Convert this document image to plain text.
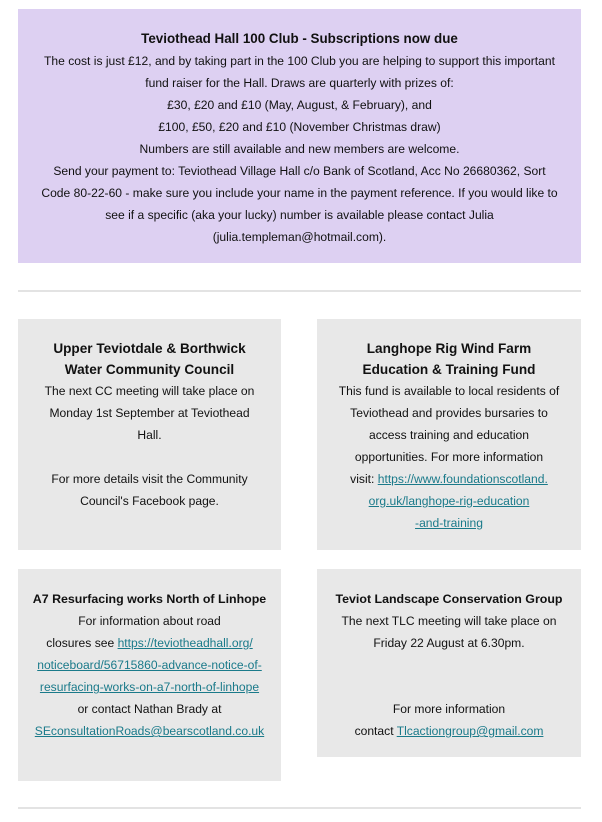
Teviothead Hall 100 Club - Subscriptions now due

The cost is just £12, and by taking part in the 100 Club you are helping to support this important

fund raiser for the Hall. Draws are quarterly with prizes of:

£30, £20 and £10 (May, August, & February), and

£100, £50, £20 and £10 (November Christmas draw)

Numbers are still available and new members are welcome.

Send your payment to: Teviothead Village Hall c/o Bank of Scotland, Acc No 26680362, Sort

Code 80-22-60 - make sure you include your name in the payment reference. If you would like to

see if a specific (aka your lucky) number is available please contact Julia

(julia.templeman@hotmail.com).

Upper Teviotdale & Borthwick

Water Community Council

The next CC meeting will take place on

Monday 1st September at Teviothead

Hall.

For more details visit the Community

Council's Facebook page.

Langhope Rig Wind Farm

Education & Training Fund

This fund is available to local residents of

Teviothead and provides bursaries to

access training and education

opportunities. For more information

visit: https://www.foundationscotland.

org.uk/langhope-rig-education

-and-training

A7 Resurfacing works North of Linhope

For information about road

closures see https://teviotheadhall.org/

noticeboard/56715860-advance-notice-of-

resurfacing-works-on-a7-north-of-linhope

or contact Nathan Brady at

SEconsultationRoads@bearscotland.co.uk

Teviot Landscape Conservation Group

The next TLC meeting will take place on

Friday 22 August at 6.30pm.

For more information

contact Tlcactiongroup@gmail.com
